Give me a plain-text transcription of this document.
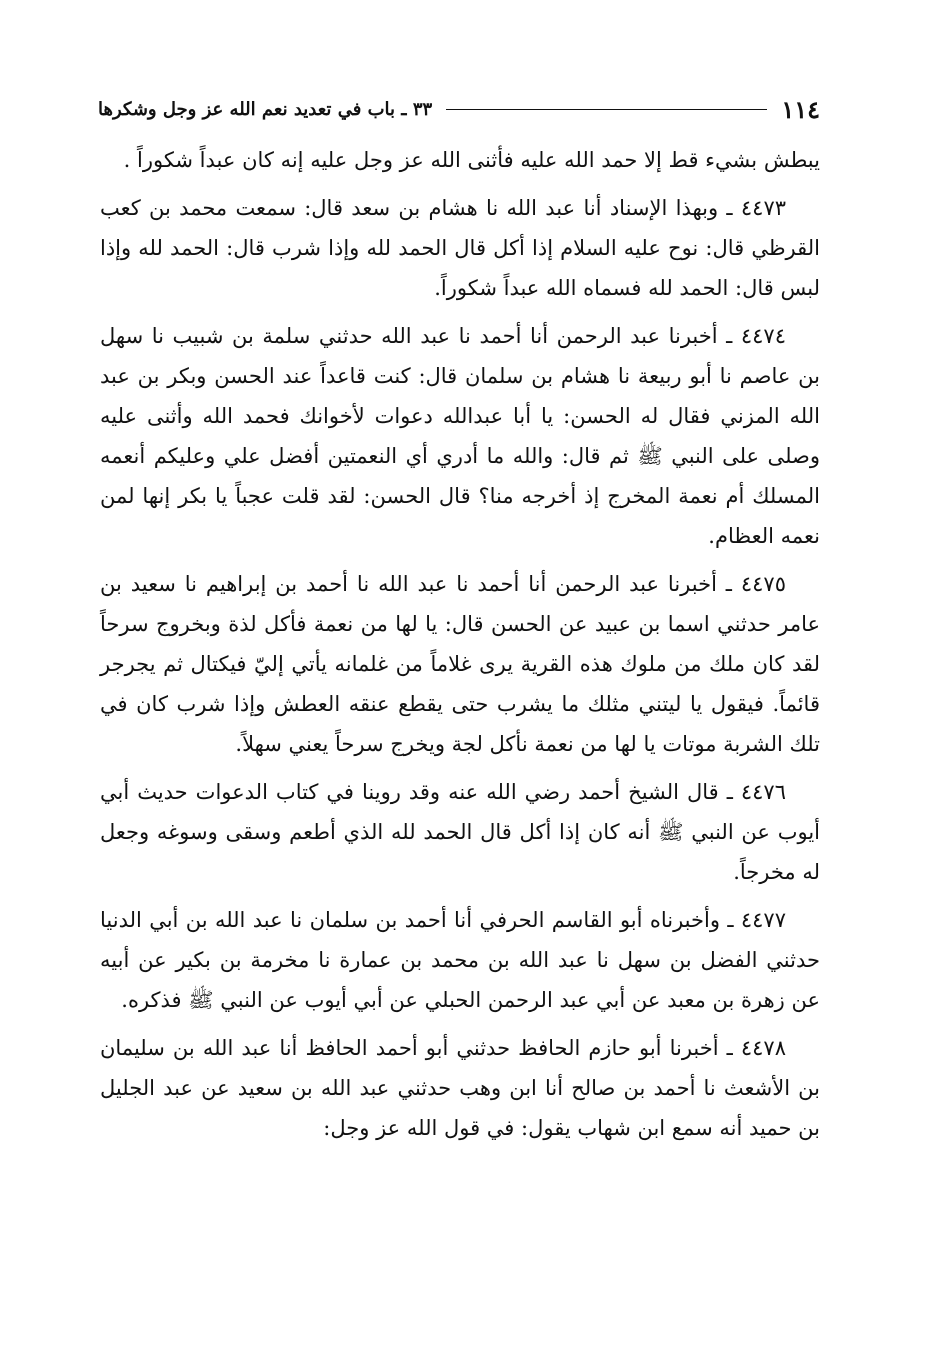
١١٤
٣٣ ـ باب في تعديد نعم الله عز وجل وشكرها

يبطش بشيء قط إلا حمد الله عليه فأثنى الله عز وجل عليه إنه كان عبداً شكوراً .

٤٤٧٣ ـ وبهذا الإسناد أنا عبد الله نا هشام بن سعد قال: سمعت محمد بن كعب القرظي قال: نوح عليه السلام إذا أكل قال الحمد لله وإذا شرب قال: الحمد لله وإذا لبس قال: الحمد لله فسماه الله عبداً شكوراً.

٤٤٧٤ ـ أخبرنا عبد الرحمن أنا أحمد نا عبد الله حدثني سلمة بن شبيب نا سهل بن عاصم نا أبو ربيعة نا هشام بن سلمان قال: كنت قاعداً عند الحسن وبكر بن عبد الله المزني فقال له الحسن: يا أبا عبدالله دعوات لأخوانك فحمد الله وأثنى عليه وصلى على النبي ﷺ ثم قال: والله ما أدري أي النعمتين أفضل علي وعليكم أنعمه المسلك أم نعمة المخرج إذ أخرجه منا؟ قال الحسن: لقد قلت عجباً يا بكر إنها لمن نعمه العظام.

٤٤٧٥ ـ أخبرنا عبد الرحمن أنا أحمد نا عبد الله نا أحمد بن إبراهيم نا سعيد بن عامر حدثني اسما بن عبيد عن الحسن قال: يا لها من نعمة فأكل لذة وبخروج سرحاً لقد كان ملك من ملوك هذه القرية يرى غلاماً من غلمانه يأتي إليّ فيكتال ثم يجرجر قائماً. فيقول يا ليتني مثلك ما يشرب حتى يقطع عنقه العطش وإذا شرب كان في تلك الشربة موتات يا لها من نعمة نأكل لجة ويخرج سرحاً يعني سهلاً.

٤٤٧٦ ـ قال الشيخ أحمد رضي الله عنه وقد روينا في كتاب الدعوات حديث أبي أيوب عن النبي ﷺ أنه كان إذا أكل قال الحمد لله الذي أطعم وسقى وسوغه وجعل له مخرجاً.

٤٤٧٧ ـ وأخبرناه أبو القاسم الحرفي أنا أحمد بن سلمان نا عبد الله بن أبي الدنيا حدثني الفضل بن سهل نا عبد الله بن محمد بن عمارة نا مخرمة بن بكير عن أبيه عن زهرة بن معبد عن أبي عبد الرحمن الحبلي عن أبي أيوب عن النبي ﷺ فذكره.

٤٤٧٨ ـ أخبرنا أبو حازم الحافظ حدثني أبو أحمد الحافظ أنا عبد الله بن سليمان بن الأشعث نا أحمد بن صالح أنا ابن وهب حدثني عبد الله بن سعيد عن عبد الجليل بن حميد أنه سمع ابن شهاب يقول: في قول الله عز وجل:
